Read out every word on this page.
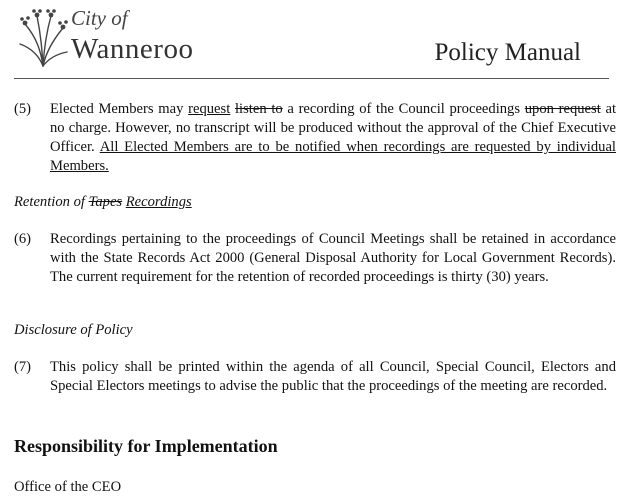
City of
Wanneroo	Policy Manual
(5) Elected Members may request listen to a recording of the Council proceedings upon request at no charge. However, no transcript will be produced without the approval of the Chief Executive Officer. All Elected Members are to be notified when recordings are requested by individual Members.
Retention of Tapes Recordings
(6) Recordings pertaining to the proceedings of Council Meetings shall be retained in accordance with the State Records Act 2000 (General Disposal Authority for Local Government Records). The current requirement for the retention of recorded proceedings is thirty (30) years.
Disclosure of Policy
(7) This policy shall be printed within the agenda of all Council, Special Council, Electors and Special Electors meetings to advise the public that the proceedings of the meeting are recorded.
Responsibility for Implementation
Office of the CEO
